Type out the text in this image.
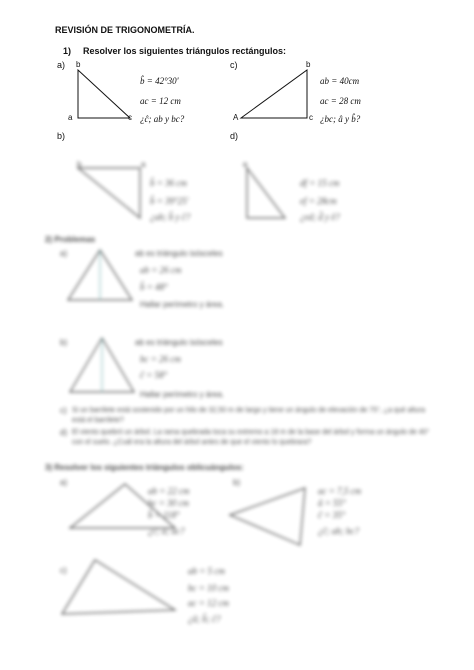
REVISIÓN DE TRIGONOMETRÍA.
1) Resolver los siguientes triángulos rectángulos:
a) b
a	c
b̂ = 42°30'
ac = 12 cm
¿ĉ; ab y bc?
c)	b
A	c
ab = 40cm
ac = 28 cm
¿bc; â y b̂?
b)	d)
b	a	e
b̂ = 36 cm
b̂ = 39°25'
¿ab; b̂ y ĉ?
df = 15 cm
ef = 28cm
¿ed; d̂ y ê?
2) Problemas
a)	ab es triángulo isósceles
ab = 26 cm
b̂ = 48°
Hallar perímetro y área.
b)	ab es triángulo isósceles
bc = 26 cm
ĉ = 58°
Hallar perímetro y área.
c) Si un barrilete está sostenido por un hilo de 32,50 m de largo y tiene un ángulo de elevación de 75°, ¿a qué altura está el barrilete?
d) El viento quebró un árbol. La rama quebrada toca su extremo a 18 m de la base del árbol y forma un ángulo de 40° con el suelo. ¿Cuál era la altura del árbol antes de que el viento lo quebrara?
3) Resolver los siguientes triángulos oblicuángulos:
a)
ab = 22 cm
bc = 30 cm
b̂ = 118°
¿ĉ; â; ac?
b)
ac = 7,5 cm
â = 55°
ĉ = 35°
¿ĉ; ab; bc?
c)	ab = 5 cm
bc = 10 cm
ac = 12 cm
¿â; b̂; ĉ?
